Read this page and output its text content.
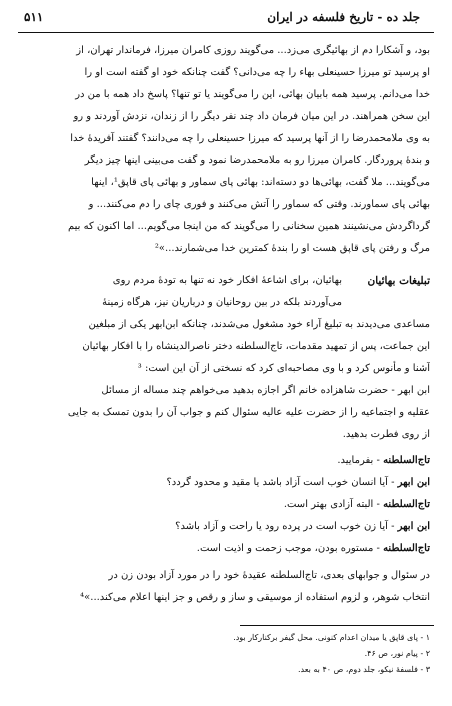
۵۱۱	جلد ده - تاریخ فلسفه در ایران
بود، و آشکارا دم از بهائیگری می‌زد... می‌گویند روزی کامران میرزا، فرماندار تهران، از
او پرسید تو میرزا حسینعلی بهاء را چه می‌دانی؟ گفت چنانکه خود او گفته است او را
خدا می‌دانم. پرسید همه بابیان بهائی، این را می‌گویند یا تو تنها؟ پاسخ داد همه با من در
این سخن همراهند. در این میان فرمان داد چند نفر دیگر را از زندان، نزدش آوردند و رو
به وی ملامحمدرضا را از آنها پرسید که میرزا حسینعلی را چه می‌دانند؟ گفتند آفریدهٔ خدا
و بندهٔ پروردگار. کامران میرزا رو به ملامحمدرضا نمود و گفت می‌بینی اینها چیز دیگر
می‌گویند... ملا گفت، بهائی‌ها دو دسته‌اند: بهائی پای سماور و بهائی پای قاپق¹، اینها
بهائی پای سماورند. وقتی که سماور را آتش می‌کنند و فوری چای را دم می‌کنند... و
گرداگردش می‌نشینند همین سخنانی را می‌گویند که من اینجا می‌گویم... اما اکنون که بیم
مرگ و رفتن پای قاپق هست او را بندهٔ کمترین خدا می‌شمارند...»²
تبلیغات بهائیان
بهائیان، برای اشاعهٔ افکار خود نه تنها به تودهٔ مردم روی
می‌آوردند بلکه در بین روحانیان و درباریان نیز، هرگاه زمینهٔ
مساعدی می‌دیدند به تبلیغ آراء خود مشغول می‌شدند، چنانکه ابن‌ابهر یکی از مبلغین
این جماعت، پس از تمهید مقدمات، تاج‌السلطنه دختر ناصرالدینشاه را با افکار بهائیان
آشنا و مأنوس کرد و با وی مصاحبه‌ای کرد که نسختی از آن این است: ³
ابن ابهر - حضرت شاهزاده خانم اگر اجازه بدهید می‌خواهم چند مساله از مسائل
عقلیه و اجتماعیه را از حضرت علیه عالیه سئوال کنم و جواب آن را بدون تمسک به جایی
از روی فطرت بدهید.
تاج‌السلطنه - بفرمایید.
ابن ابهر - آیا انسان خوب است آزاد باشد یا مقید و محدود گردد؟
تاج‌السلطنه - البته آزادی بهتر است.
ابن ابهر - آیا زن خوب است در پرده رود یا راحت و آزاد باشد؟
تاج‌السلطنه - مستوره بودن، موجب زحمت و اذیت است.
در سئوال و جوابهای بعدی، تاج‌السلطنه عقیدهٔ خود را در مورد آزاد بودن زن در
انتخاب شوهر، و لزوم استفاده از موسیقی و ساز و رقص و جز اینها اعلام می‌کند...»⁴
۱ - پای قاپق یا میدان اعدام کنونی. محل گیفر برکنارکار بود.
۲ - پیام نور، ص ۴۶.
۳ - فلسفهٔ نیکو، جلد دوم، ص ۴۰ به بعد.
